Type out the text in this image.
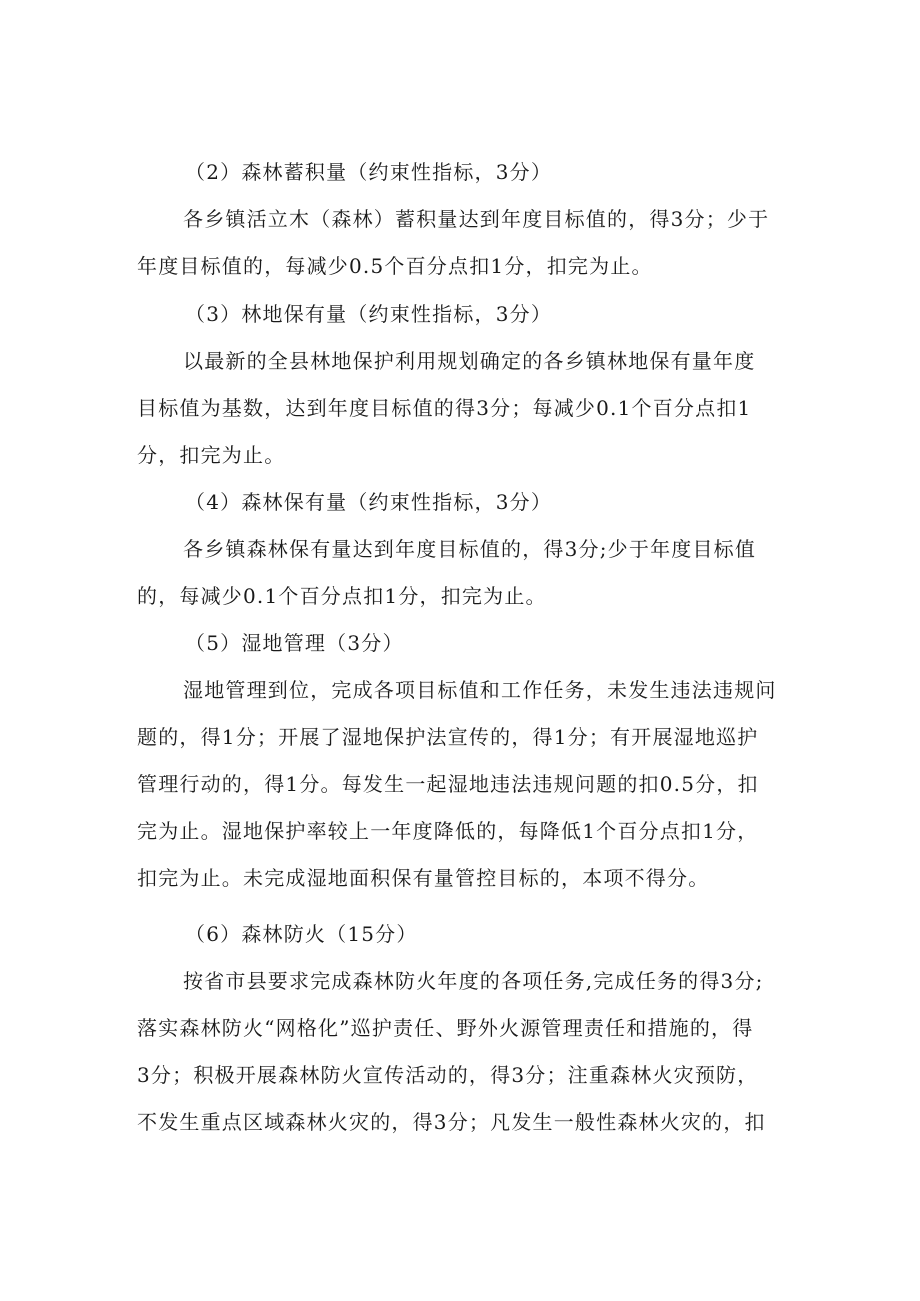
（2）森林蓄积量（约束性指标，3分）
各乡镇活立木（森林）蓄积量达到年度目标值的，得3分；少于
年度目标值的，每减少0.5个百分点扣1分，扣完为止。
（3）林地保有量（约束性指标，3分）
以最新的全县林地保护利用规划确定的各乡镇林地保有量年度
目标值为基数，达到年度目标值的得3分；每减少0.1个百分点扣1
分，扣完为止。
（4）森林保有量（约束性指标，3分）
各乡镇森林保有量达到年度目标值的，得3分;少于年度目标值
的，每减少0.1个百分点扣1分，扣完为止。
（5）湿地管理（3分）
湿地管理到位，完成各项目标值和工作任务，未发生违法违规问
题的，得1分；开展了湿地保护法宣传的，得1分；有开展湿地巡护
管理行动的，得1分。每发生一起湿地违法违规问题的扣0.5分，扣
完为止。湿地保护率较上一年度降低的，每降低1个百分点扣1分，
扣完为止。未完成湿地面积保有量管控目标的，本项不得分。
（6）森林防火（15分）
按省市县要求完成森林防火年度的各项任务,完成任务的得3分;
落实森林防火“网格化”巡护责任、野外火源管理责任和措施的，得
3分；积极开展森林防火宣传活动的，得3分；注重森林火灾预防，
不发生重点区域森林火灾的，得3分；凡发生一般性森林火灾的，扣
